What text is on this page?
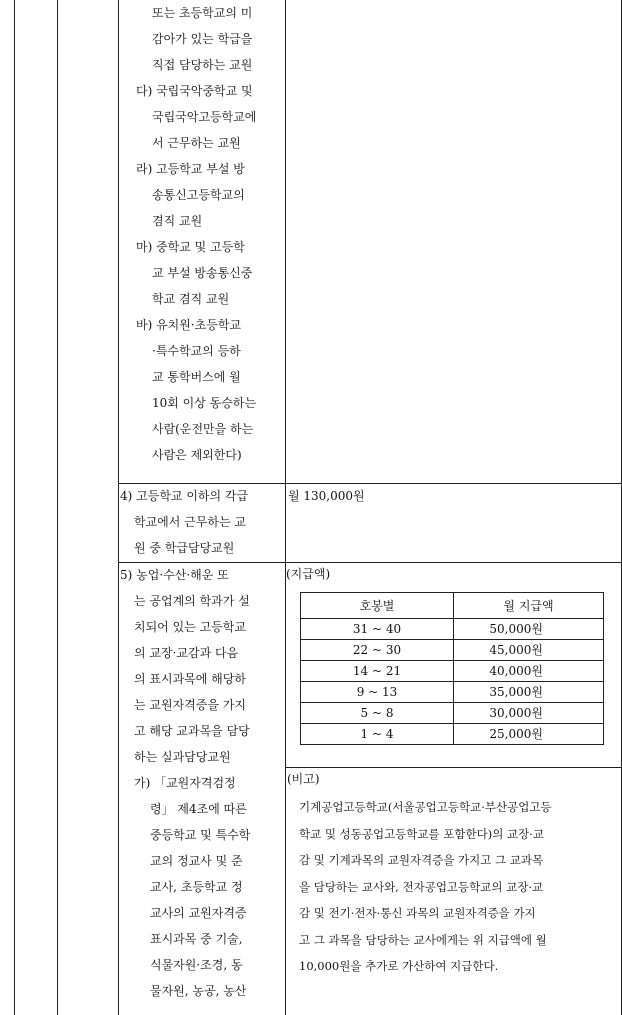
또는 초등학교의 미
감아가 있는 학급을
직접 담당하는 교원
다) 국립국악중학교 및
국립국악고등학교에
서 근무하는 교원
라) 고등학교 부설 방
송통신고등학교의
겸직 교원
마) 중학교 및 고등학
교 부설 방송통신중
학교 겸직 교원
바) 유치원·초등학교
·특수학교의 등하
교 통학버스에 월
10회 이상 동승하는
사람(운전만을 하는
사람은 제외한다)
4) 고등학교 이하의 각급
학교에서 근무하는 교
원 중 학급담당교원
월 130,000원
5) 농업·수산·해운 또
는 공업계의 학과가 설
치되어 있는 고등학교
의 교장·교감과 다음
의 표시과목에 해당하
는 교원자격증을 가지
고 해당 교과목을 담당
하는 실과담당교원
가) 「교원자격검정
령」 제4조에 따른
중등학교 및 특수학
교의 정교사 및 준
교사, 초등학교 정
교사의 교원자격증
표시과목 중 기술,
식물자원·조경, 동
물자원, 농공, 농산
(지급액)
호봉별	월 지급액
31 ~ 40	50,000원
22 ~ 30	45,000원
14 ~ 21	40,000원
9 ~ 13	35,000원
5 ~ 8	30,000원
1 ~ 4	25,000원
(비고)
기계공업고등학교(서울공업고등학교·부산공업고등
학교 및 성동공업고등학교를 포함한다)의 교장·교
감 및 기계과목의 교원자격증을 가지고 그 교과목
을 담당하는 교사와, 전자공업고등학교의 교장·교
감 및 전기·전자·통신 과목의 교원자격증을 가지
고 그 과목을 담당하는 교사에게는 위 지급액에 월
10,000원을 추가로 가산하여 지급한다.
